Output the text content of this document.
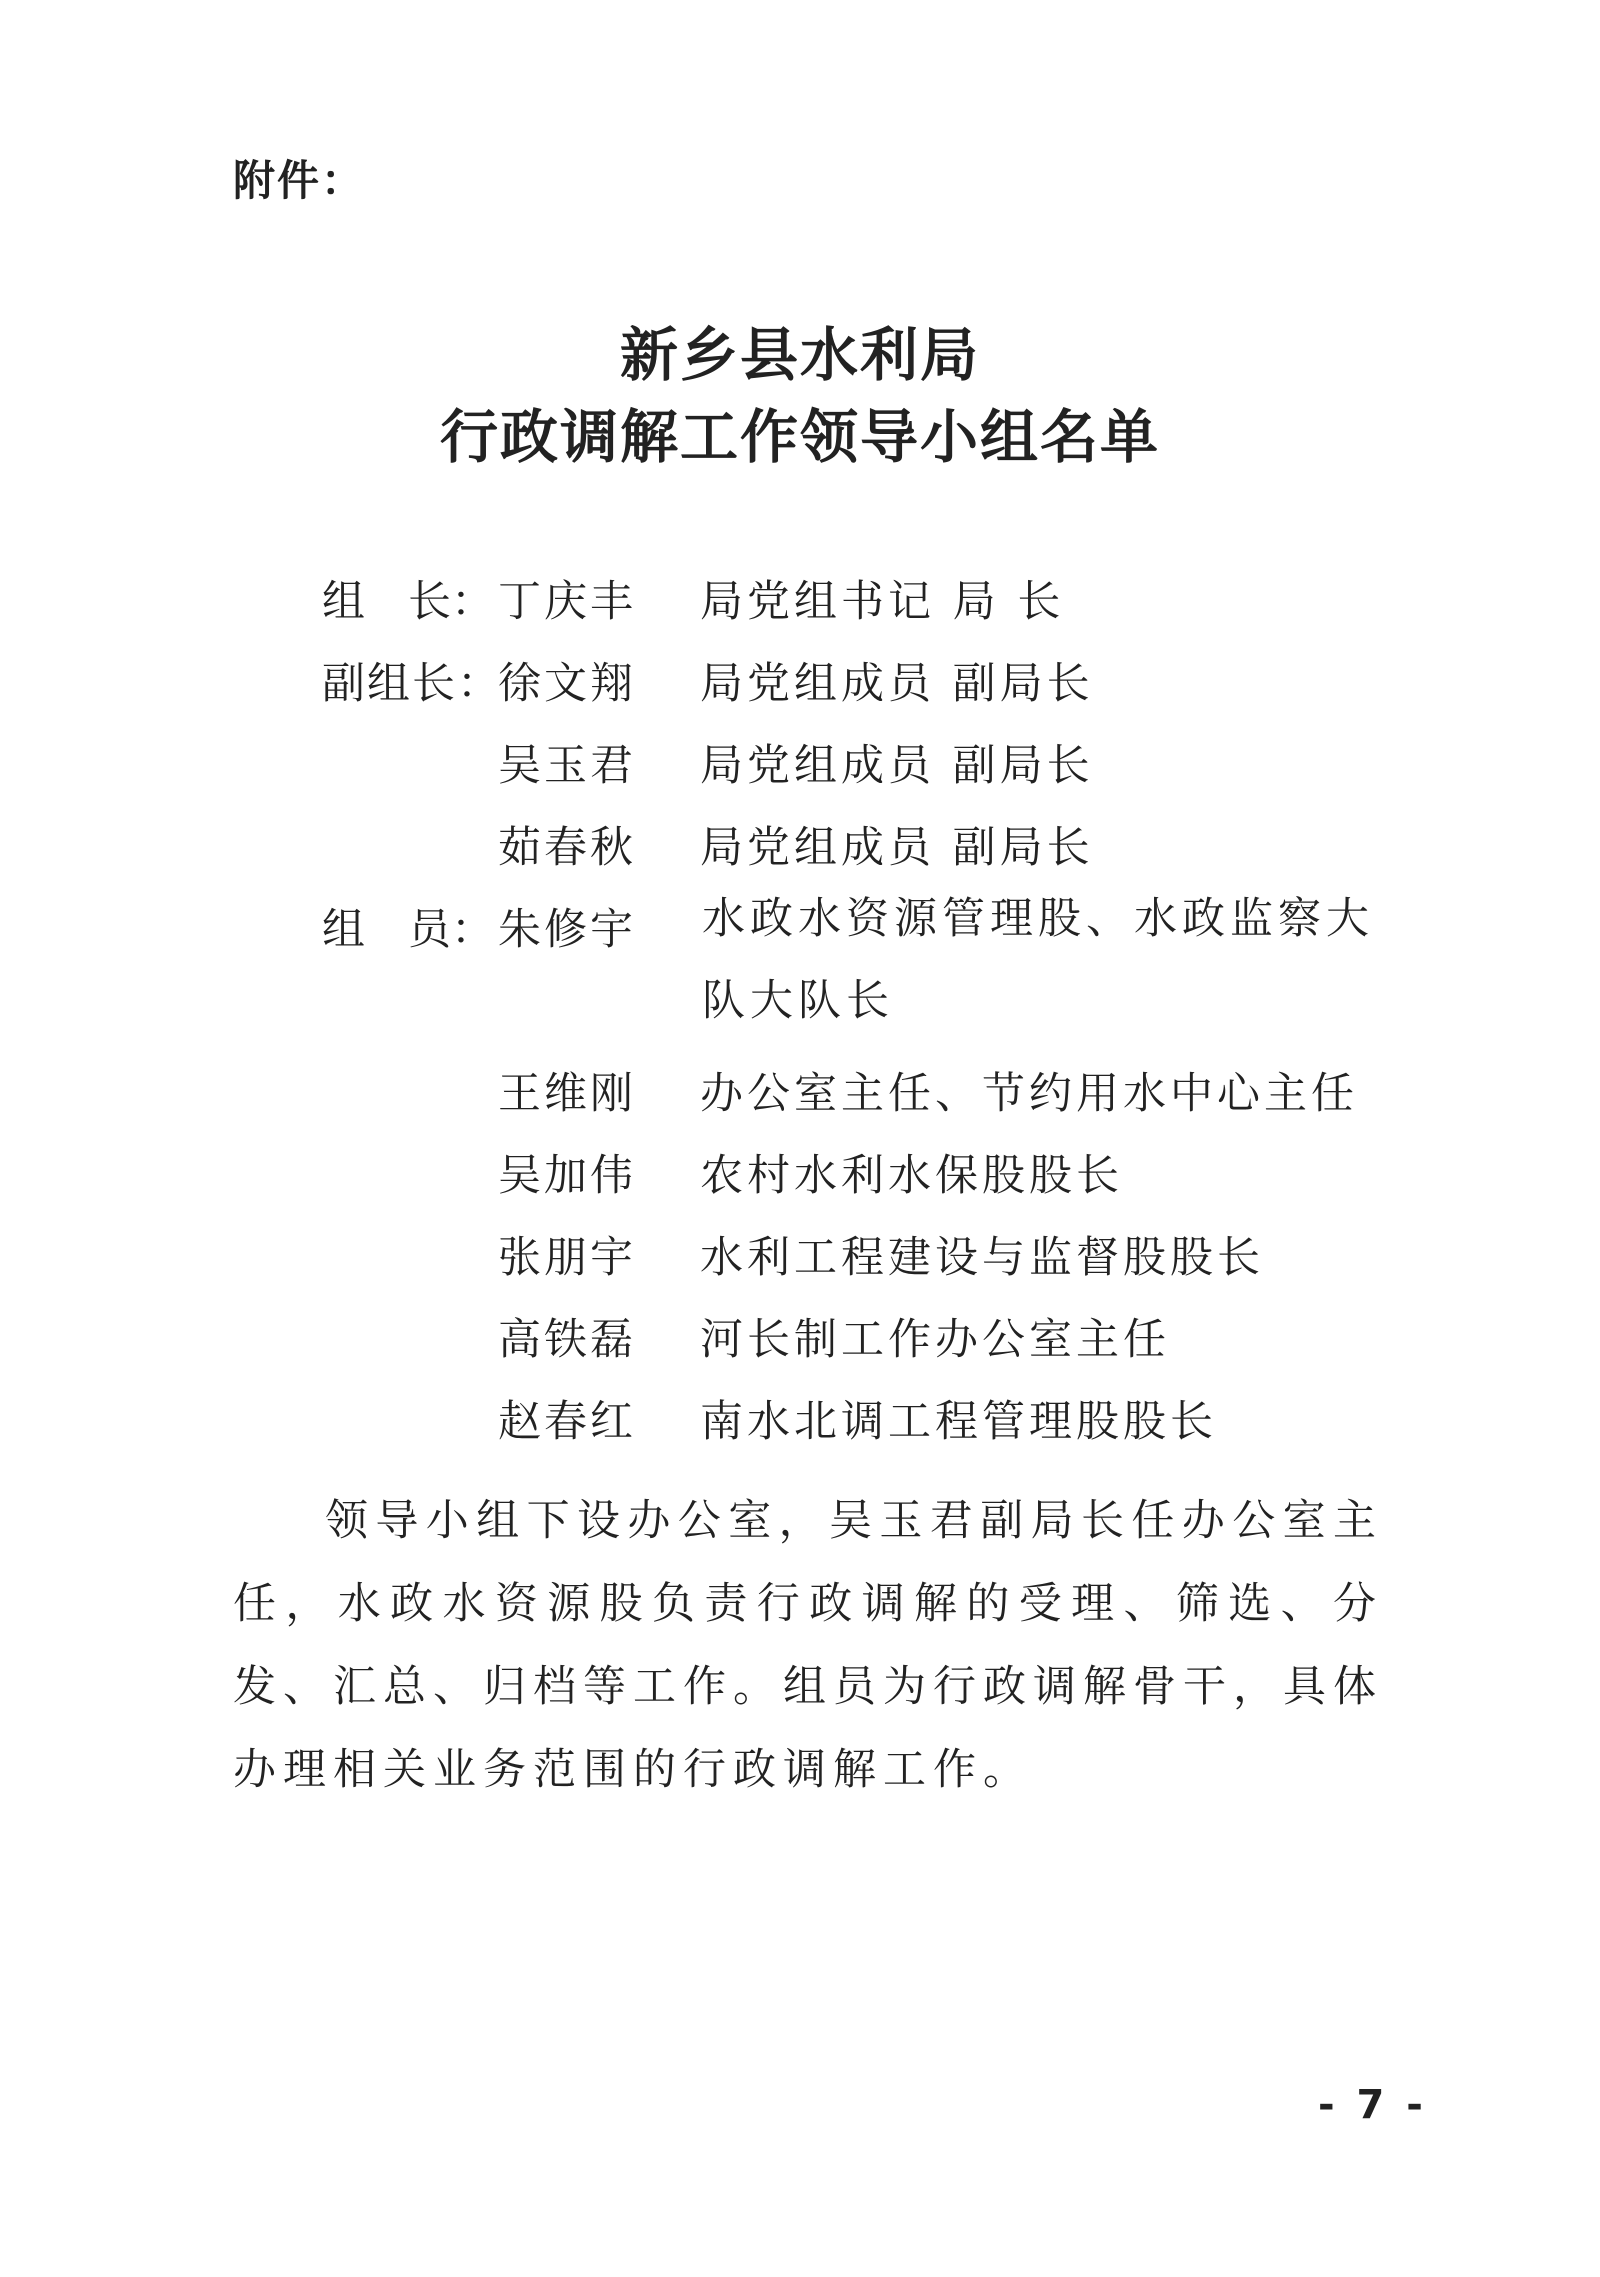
附件：
新乡县水利局
行政调解工作领导小组名单
组　长： 丁庆丰 局党组书记 局 长
副组长：
徐文翔 局党组成员 副局长
吴玉君 局党组成员 副局长
茹春秋 局党组成员 副局长
组　员： 朱修宇 水政水资源管理股、水政监察大队大队长
王维刚 办公室主任、节约用水中心主任
吴加伟 农村水利水保股股长
张朋宇 水利工程建设与监督股股长
高铁磊 河长制工作办公室主任
赵春红 南水北调工程管理股股长
领导小组下设办公室，吴玉君副局长任办公室主任，水政水资源股负责行政调解的受理、筛选、分发、汇总、归档等工作。组员为行政调解骨干，具体办理相关业务范围的行政调解工作。
- 7 -
